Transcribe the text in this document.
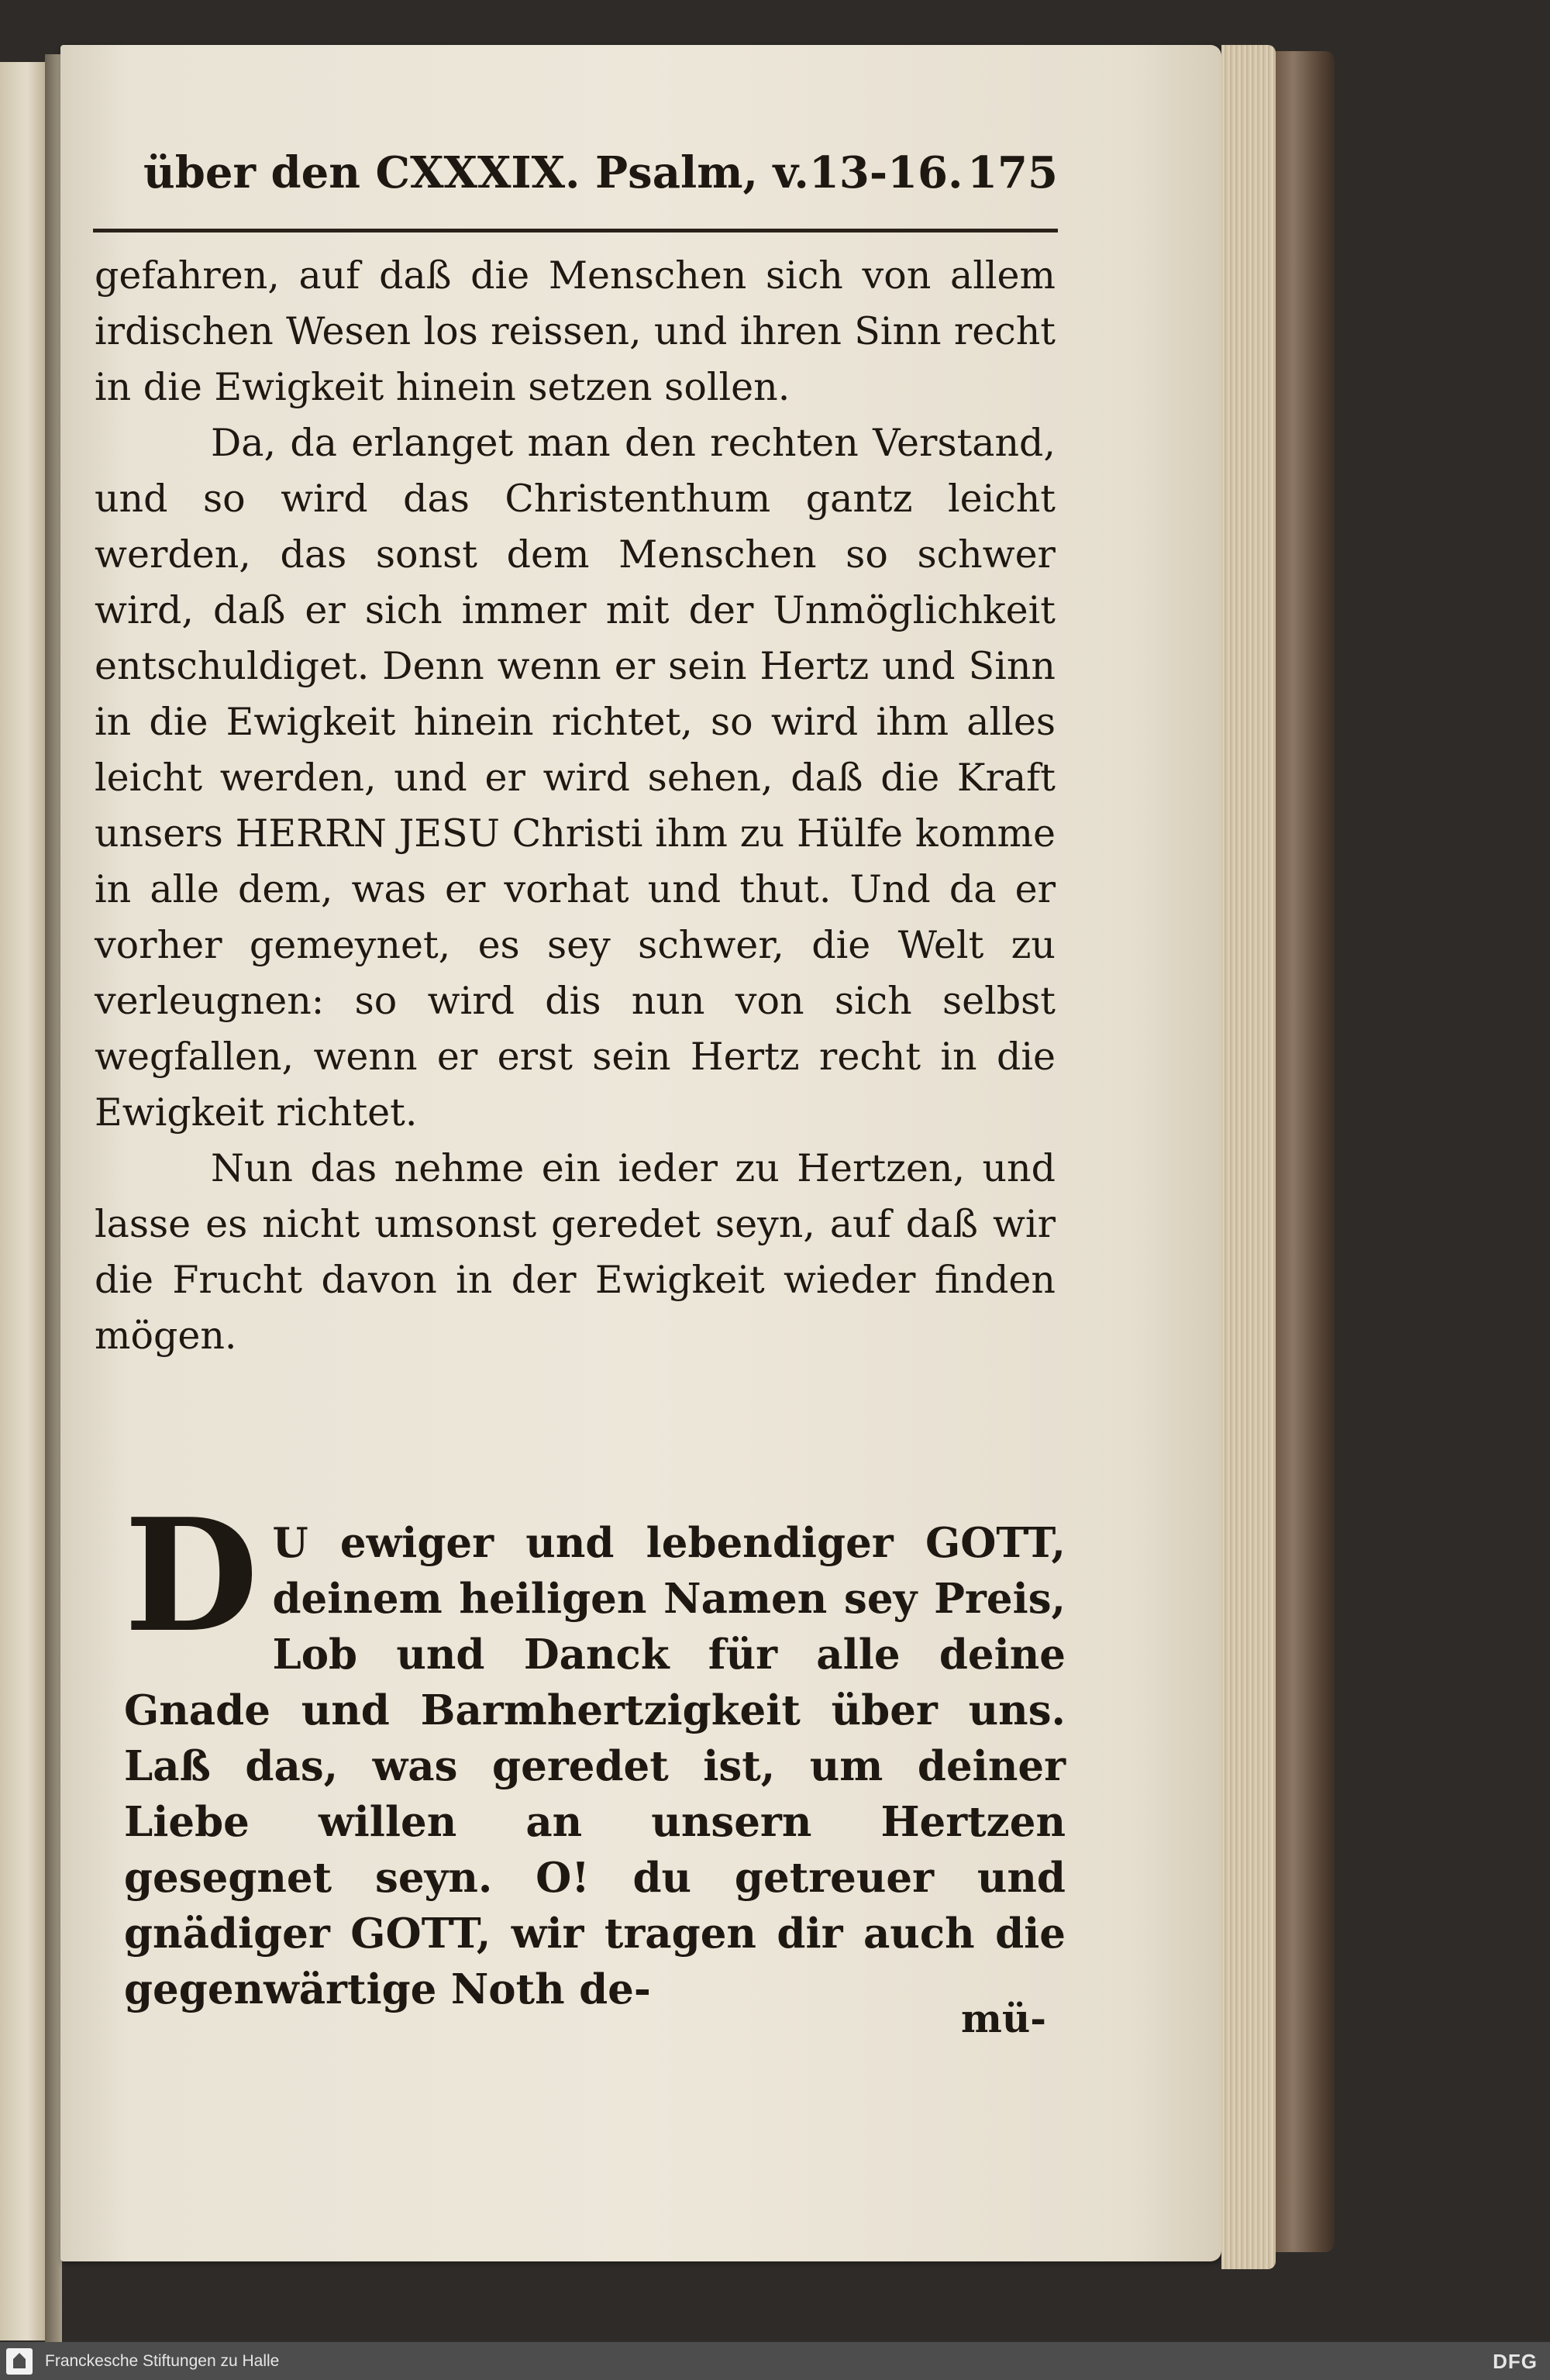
über den CXXXIX. Psalm, v.13-16. 175

gefahren, auf daß die Menschen sich von allem irdischen Wesen los reissen, und ihren Sinn recht in die Ewigkeit hinein setzen sollen.

Da, da erlanget man den rechten Verstand, und so wird das Christenthum gantz leicht werden, das sonst dem Menschen so schwer wird, daß er sich immer mit der Unmöglichkeit entschuldiget. Denn wenn er sein Hertz und Sinn in die Ewigkeit hinein richtet, so wird ihm alles leicht werden, und er wird sehen, daß die Kraft unsers HERRN JESU Christi ihm zu Hülfe komme in alle dem, was er vorhat und thut. Und da er vorher gemeynet, es sey schwer, die Welt zu verleugnen: so wird dis nun von sich selbst wegfallen, wenn er erst sein Hertz recht in die Ewigkeit richtet.

Nun das nehme ein ieder zu Hertzen, und lasse es nicht umsonst geredet seyn, auf daß wir die Frucht davon in der Ewigkeit wieder finden mögen.

D U ewiger und lebendiger GOTT, deinem heiligen Namen sey Preis, Lob und Danck für alle deine Gnade und Barmhertzigkeit über uns. Laß das, was geredet ist, um deiner Liebe willen an unsern Hertzen gesegnet seyn. O! du getreuer und gnädiger GOTT, wir tragen dir auch die gegenwärtige Noth de-
mü-
Franckesche Stiftungen zu Halle	DFG
